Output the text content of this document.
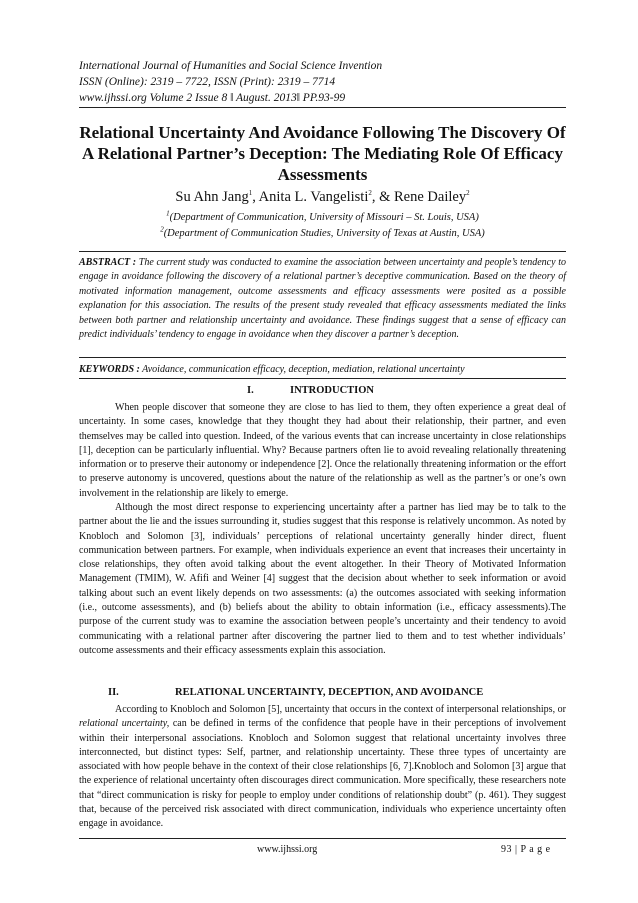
International Journal of Humanities and Social Science Invention
ISSN (Online): 2319 – 7722, ISSN (Print): 2319 – 7714
www.ijhssi.org Volume 2 Issue 8 ǁ August. 2013ǁ PP.93-99
Relational Uncertainty And Avoidance Following The Discovery Of A Relational Partner’s Deception: The Mediating Role Of Efficacy Assessments
Su Ahn Jang$^1$, Anita L. Vangelisti$^2$, & Rene Dailey$^2$
$^1$(Department of Communication, University of Missouri – St. Louis, USA)
$^2$(Department of Communication Studies, University of Texas at Austin, USA)
ABSTRACT : The current study was conducted to examine the association between uncertainty and people’s tendency to engage in avoidance following the discovery of a relational partner’s deceptive communication. Based on the theory of motivated information management, outcome assessments and efficacy assessments were posited as a possible explanation for this association. The results of the present study revealed that efficacy assessments mediated the links between both partner and relationship uncertainty and avoidance. These findings suggest that a sense of efficacy can predict individuals’ tendency to engage in avoidance when they discover a partner’s deception.
KEYWORDS : Avoidance, communication efficacy, deception, mediation, relational uncertainty
I.	INTRODUCTION
When people discover that someone they are close to has lied to them, they often experience a great deal of uncertainty. In some cases, knowledge that they thought they had about their relationship, their partner, and even themselves may be called into question. Indeed, of the various events that can increase uncertainty in close relationships [1], deception can be particularly influential. Why? Because partners often lie to avoid revealing relationally threatening information or to preserve their autonomy or independence [2]. Once the relationally threatening information or the effort to preserve autonomy is uncovered, questions about the nature of the relationship as well as the partner’s or one’s own involvement in the relationship are likely to emerge.
Although the most direct response to experiencing uncertainty after a partner has lied may be to talk to the partner about the lie and the issues surrounding it, studies suggest that this response is relatively uncommon. As noted by Knobloch and Solomon [3], individuals’ perceptions of relational uncertainty generally hinder direct, fluent communication between partners. For example, when individuals experience an event that increases their uncertainty in close relationships, they often avoid talking about the event altogether. In their Theory of Motivated Information Management (TMIM), W. Afifi and Weiner [4] suggest that the decision about whether to seek information or avoid talking about such an event likely depends on two assessments: (a) the outcomes associated with seeking information (i.e., outcome assessments), and (b) beliefs about the ability to obtain information (i.e., efficacy assessments).The purpose of the current study was to examine the association between people’s uncertainty and their tendency to avoid communicating with a relational partner after discovering the partner lied to them and to test whether individuals’ outcome assessments and their efficacy assessments explain this association.
II.	RELATIONAL UNCERTAINTY, DECEPTION, AND AVOIDANCE
According to Knobloch and Solomon [5], uncertainty that occurs in the context of interpersonal relationships, or relational uncertainty, can be defined in terms of the confidence that people have in their perceptions of involvement within their interpersonal associations. Knobloch and Solomon suggest that relational uncertainty involves three interconnected, but distinct types: Self, partner, and relationship uncertainty. These three types of uncertainty are associated with how people behave in the context of their close relationships [6, 7].Knobloch and Solomon [3] argue that the experience of relational uncertainty often discourages direct communication. More specifically, these researchers note that “direct communication is risky for people to employ under conditions of relationship doubt” (p. 461). They suggest that, because of the perceived risk associated with direct communication, individuals who experience uncertainty often engage in avoidance.
www.ijhssi.org	93 | P a g e
